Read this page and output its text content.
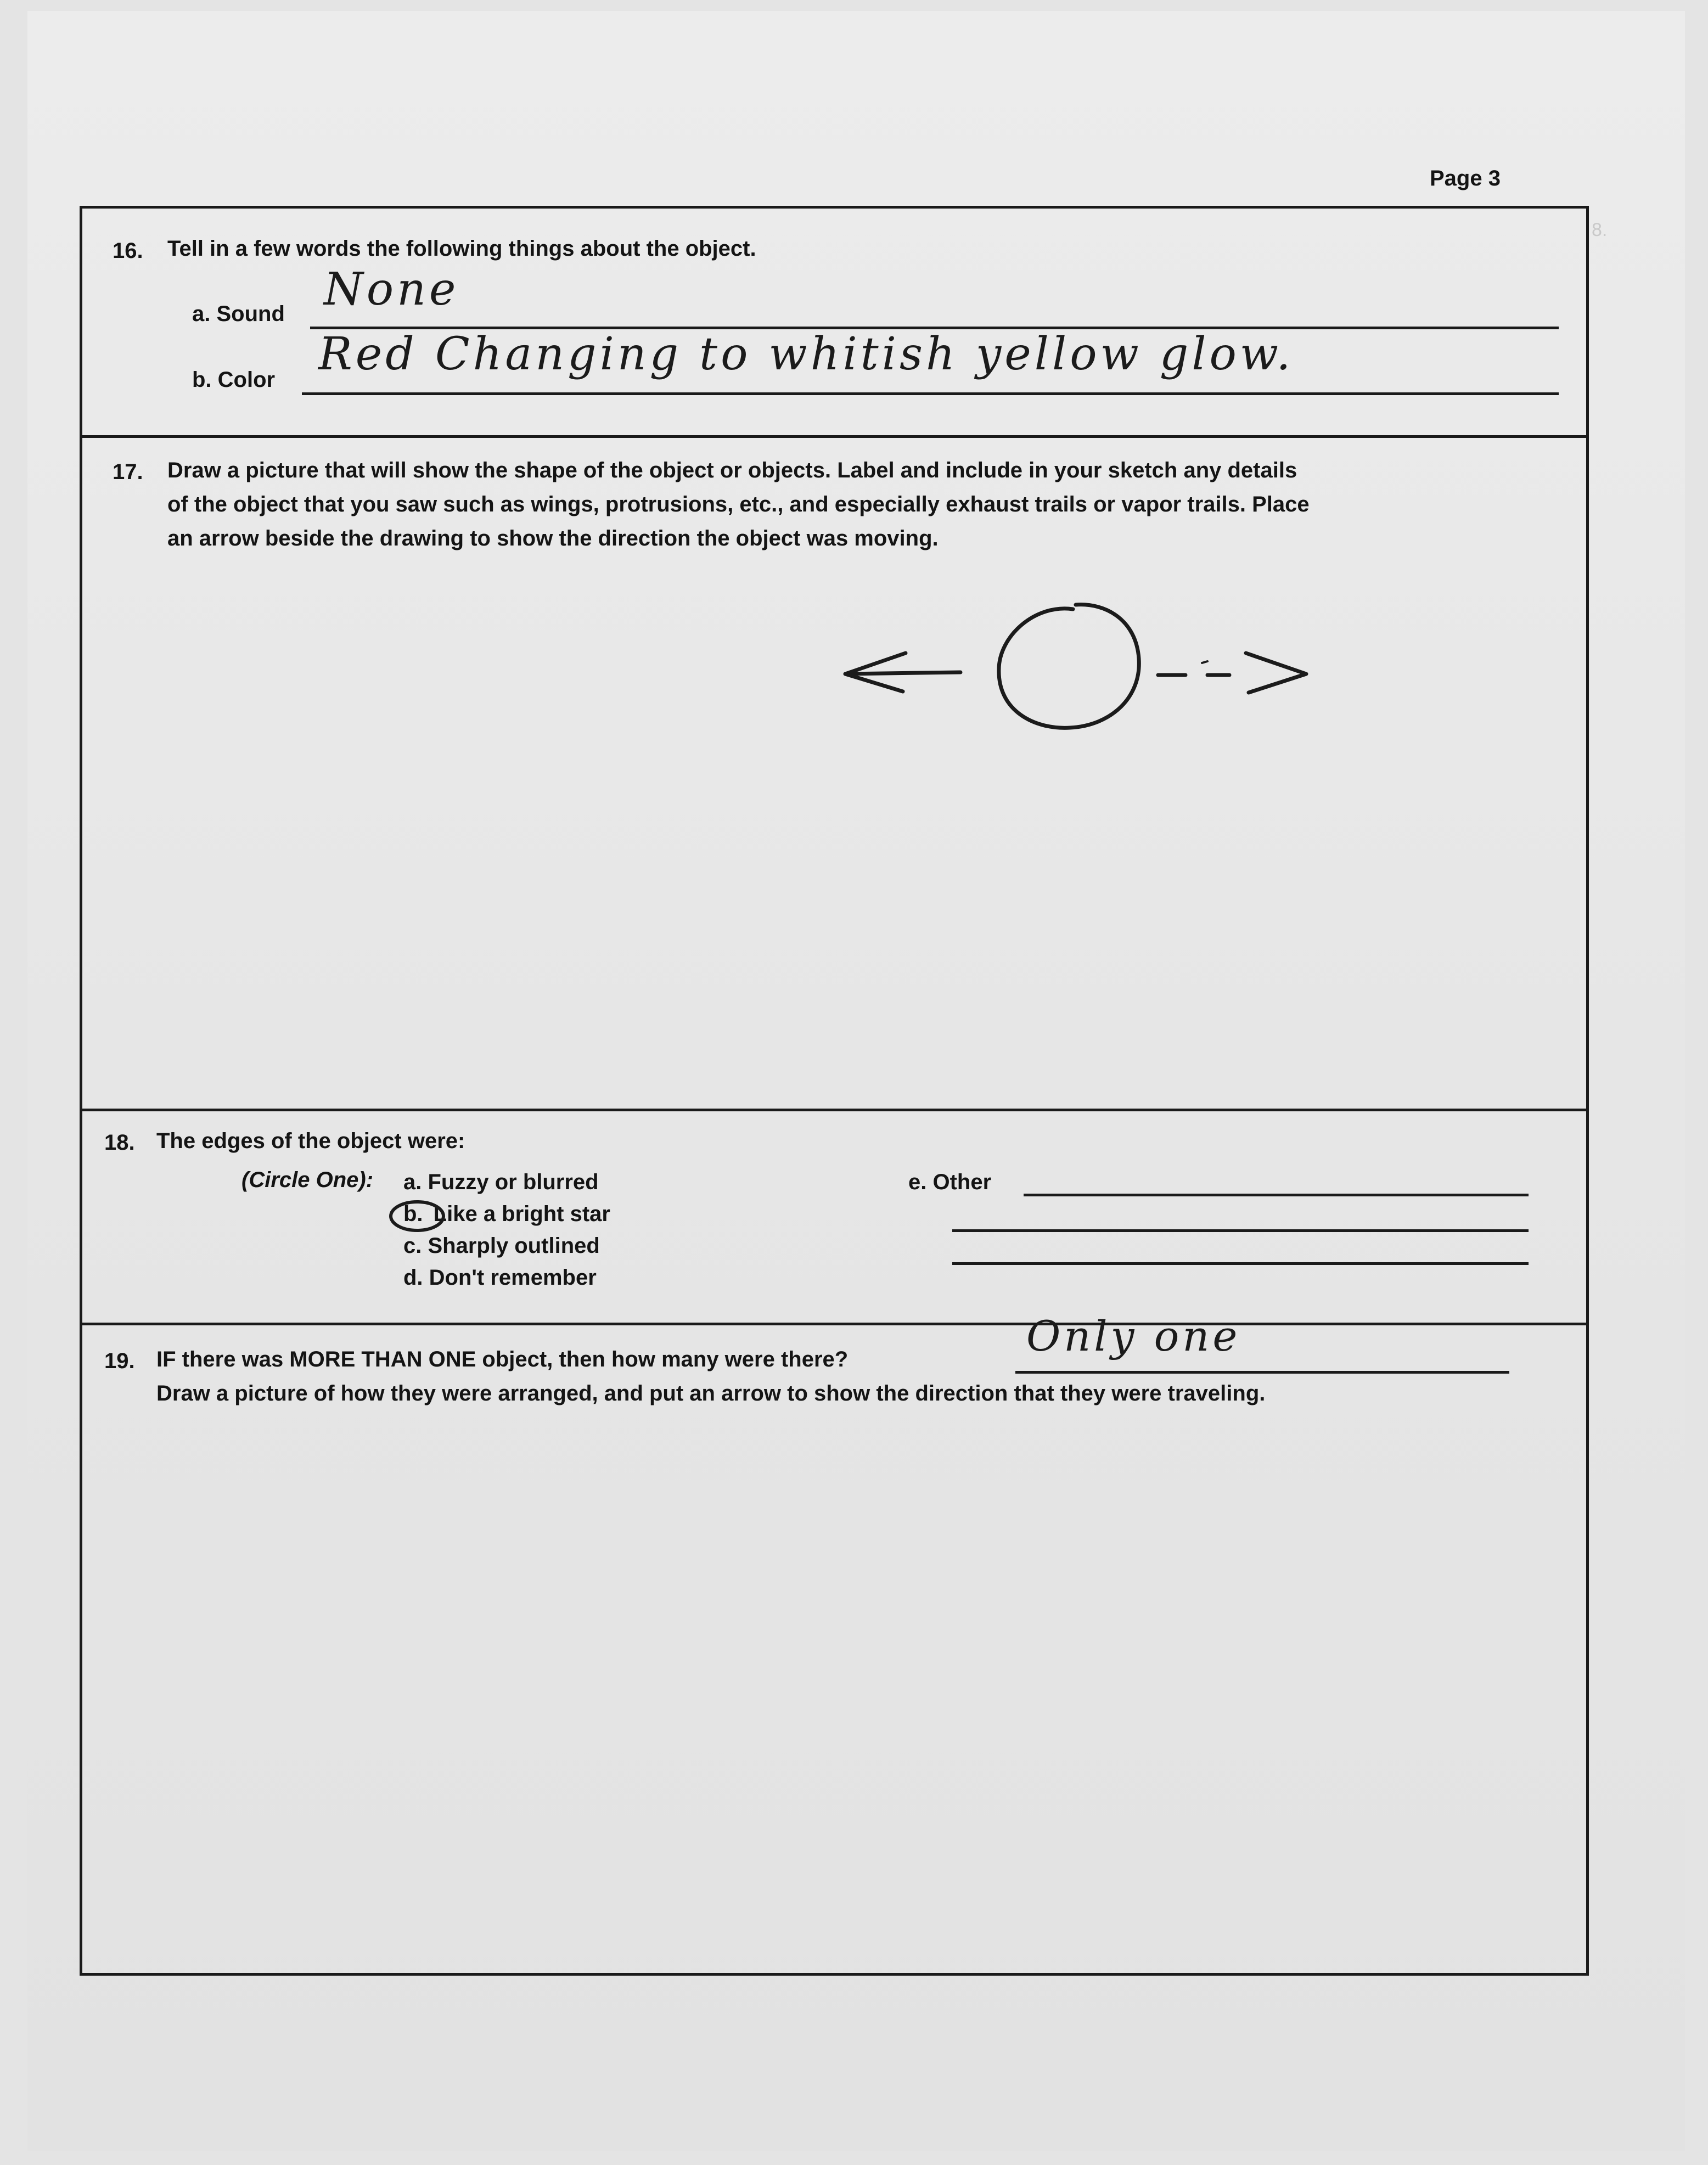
8.
Page 3
16. Tell in a few words the following things about the object.
a. Sound None
b. Color Red Changing to whitish yellow glow.
17. Draw a picture that will show the shape of the object or objects. Label and include in your sketch any details
of the object that you saw such as wings, protrusions, etc., and especially exhaust trails or vapor trails. Place
an arrow beside the drawing to show the direction the object was moving.
18. The edges of the object were:
(Circle One): a. Fuzzy or blurred
b. Like a bright star
c. Sharply outlined
d. Don't remember
e. Other
19. IF there was MORE THAN ONE object, then how many were there?	Only one
Draw a picture of how they were arranged, and put an arrow to show the direction that they were traveling.
